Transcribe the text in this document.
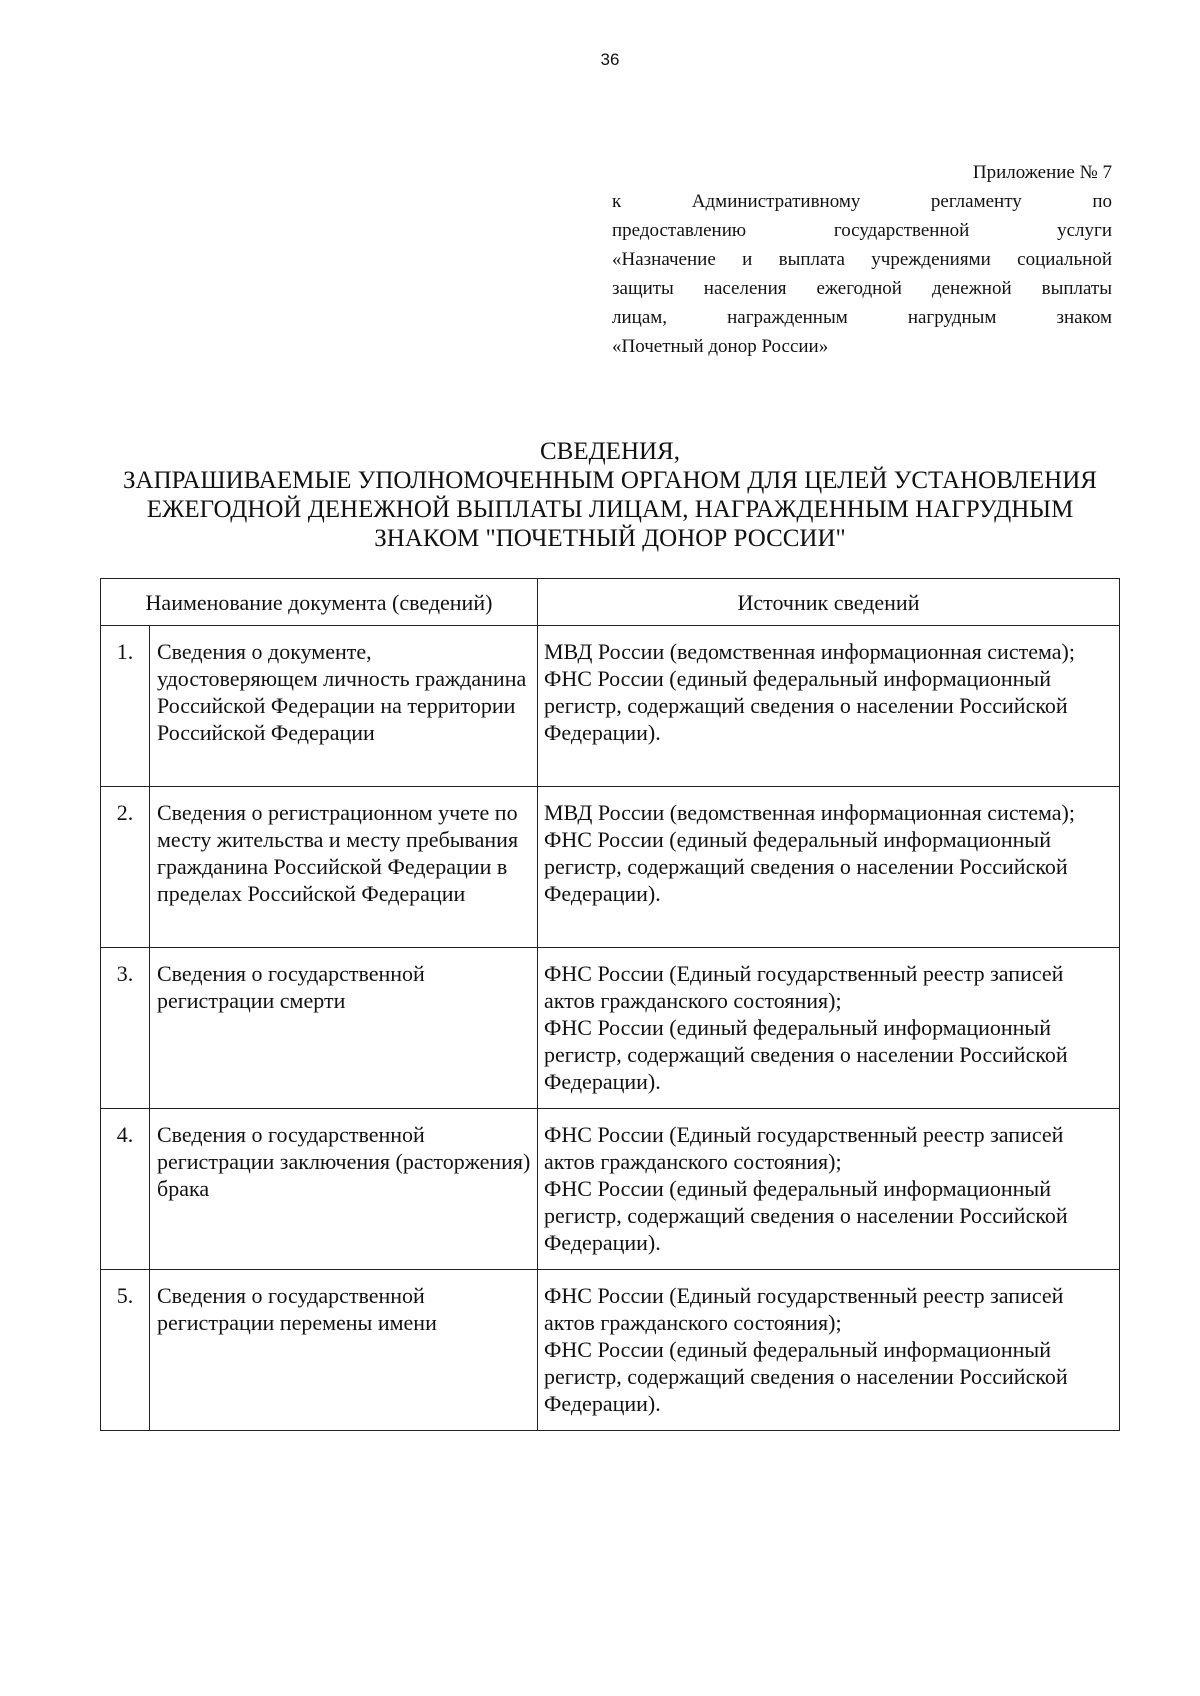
36
Приложение № 7
к Административному регламенту по
предоставлению государственной услуги
«Назначение и выплата учреждениями социальной
защиты населения ежегодной денежной выплаты
лицам, награжденным нагрудным знаком
«Почетный донор России»
СВЕДЕНИЯ,
ЗАПРАШИВАЕМЫЕ УПОЛНОМОЧЕННЫМ ОРГАНОМ ДЛЯ ЦЕЛЕЙ УСТАНОВЛЕНИЯ
ЕЖЕГОДНОЙ ДЕНЕЖНОЙ ВЫПЛАТЫ ЛИЦАМ, НАГРАЖДЕННЫМ НАГРУДНЫМ
ЗНАКОМ "ПОЧЕТНЫЙ ДОНОР РОССИИ"
Наименование документа (сведений)		Источник сведений
1.	Сведения о документе, удостоверяющем личность гражданина Российской Федерации на территории Российской Федерации	МВД России (ведомственная информационная система);
ФНС России (единый федеральный информационный регистр, содержащий сведения о населении Российской Федерации).

2.	Сведения о регистрационном учете по месту жительства и месту пребывания гражданина Российской Федерации в пределах Российской Федерации	МВД России (ведомственная информационная система);
ФНС России (единый федеральный информационный регистр, содержащий сведения о населении Российской Федерации).

3.	Сведения о государственной регистрации смерти	ФНС России (Единый государственный реестр записей актов гражданского состояния);
ФНС России (единый федеральный информационный регистр, содержащий сведения о населении Российской Федерации).

4.	Сведения о государственной регистрации заключения (расторжения) брака	ФНС России (Единый государственный реестр записей актов гражданского состояния);
ФНС России (единый федеральный информационный регистр, содержащий сведения о населении Российской Федерации).

5.	Сведения о государственной регистрации перемены имени	ФНС России (Единый государственный реестр записей актов гражданского состояния);
ФНС России (единый федеральный информационный регистр, содержащий сведения о населении Российской Федерации).
